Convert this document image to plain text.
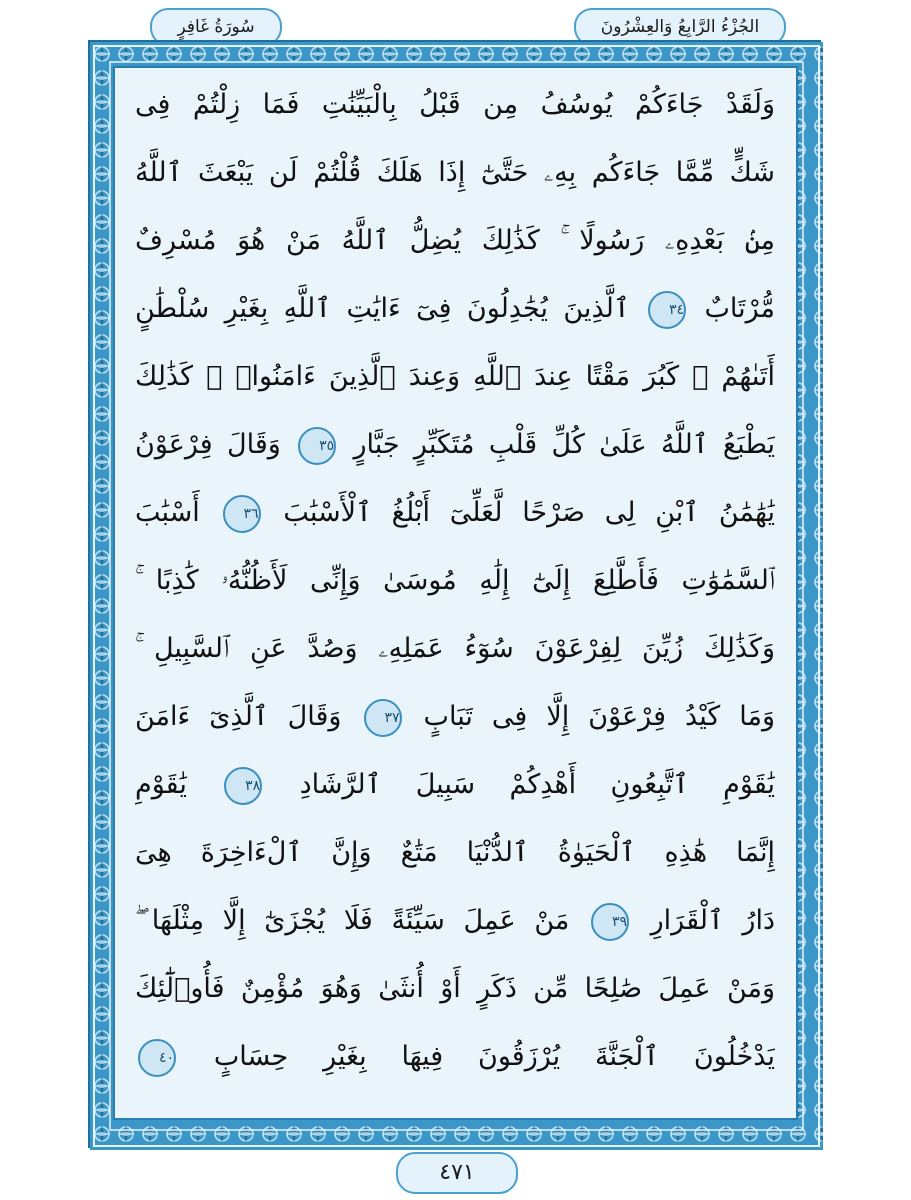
الجُزْءُ الرَّابِعُ وَالعِشْرُونَ
سُورَةُ غَافِرٍ
وَلَقَدْ جَاءَكُمْ يُوسُفُ مِن قَبْلُ بِالْبَيِّنَٰتِ فَمَا زِلْتُمْ فِى
شَكٍّ مِّمَّا جَاءَكُم بِهِۦ حَتَّىٰٓ إِذَا هَلَكَ قُلْتُمْ لَن يَبْعَثَ ٱللَّهُ
مِنۢ بَعْدِهِۦ رَسُولًا ۚ كَذَٰلِكَ يُضِلُّ ٱللَّهُ مَنْ هُوَ مُسْرِفٌ
مُّرْتَابٌ ٣٤ ٱلَّذِينَ يُجَٰدِلُونَ فِىٓ ءَايَٰتِ ٱللَّهِ بِغَيْرِ سُلْطَٰنٍ
أَتَىٰهُمْ ۖ كَبُرَ مَقْتًا عِندَ ٱللَّهِ وَعِندَ ٱلَّذِينَ ءَامَنُوا۟ ۚ كَذَٰلِكَ
يَطْبَعُ ٱللَّهُ عَلَىٰ كُلِّ قَلْبِ مُتَكَبِّرٍ جَبَّارٍ ٣٥ وَقَالَ فِرْعَوْنُ
يَٰهَٰمَٰنُ ٱبْنِ لِى صَرْحًا لَّعَلِّىٓ أَبْلُغُ ٱلْأَسْبَٰبَ ٣٦ أَسْبَٰبَ
ٱلسَّمَٰوَٰتِ فَأَطَّلِعَ إِلَىٰٓ إِلَٰهِ مُوسَىٰ وَإِنِّى لَأَظُنُّهُۥ كَٰذِبًا ۚ
وَكَذَٰلِكَ زُيِّنَ لِفِرْعَوْنَ سُوٓءُ عَمَلِهِۦ وَصُدَّ عَنِ ٱلسَّبِيلِ ۚ
وَمَا كَيْدُ فِرْعَوْنَ إِلَّا فِى تَبَابٍ ٣٧ وَقَالَ ٱلَّذِىٓ ءَامَنَ
يَٰقَوْمِ ٱتَّبِعُونِ أَهْدِكُمْ سَبِيلَ ٱلرَّشَادِ ٣٨ يَٰقَوْمِ
إِنَّمَا هَٰذِهِ ٱلْحَيَوٰةُ ٱلدُّنْيَا مَتَٰعٌ وَإِنَّ ٱلْءَاخِرَةَ هِىَ
دَارُ ٱلْقَرَارِ ٣٩ مَنْ عَمِلَ سَيِّئَةً فَلَا يُجْزَىٰٓ إِلَّا مِثْلَهَا ۖ
وَمَنْ عَمِلَ صَٰلِحًا مِّن ذَكَرٍ أَوْ أُنثَىٰ وَهُوَ مُؤْمِنٌ فَأُو۟لَٰٓئِكَ
يَدْخُلُونَ ٱلْجَنَّةَ يُرْزَقُونَ فِيهَا بِغَيْرِ حِسَابٍ ٤٠
٤٧١
